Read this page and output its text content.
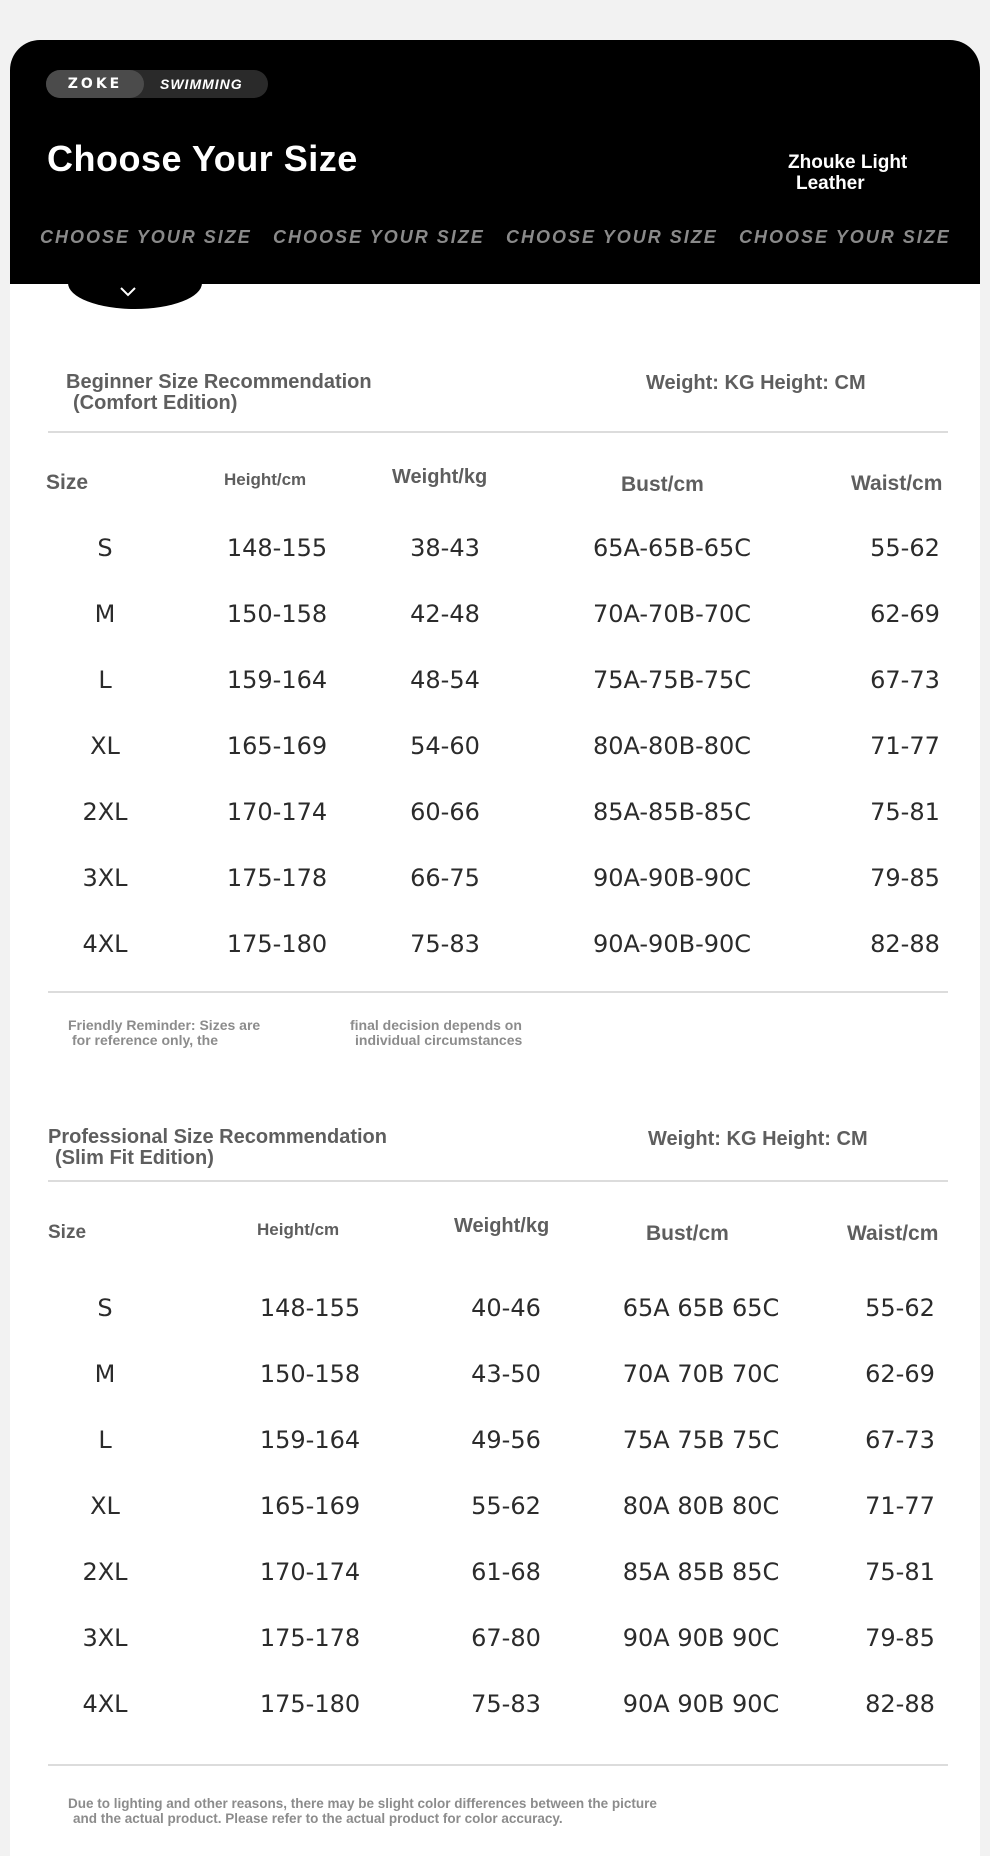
ZOKE	SWIMMING
Choose Your Size	Zhouke Light
Leather
CHOOSE YOUR SIZE CHOOSE YOUR SIZE CHOOSE YOUR SIZE CHOOSE YOUR SIZE
Beginner Size Recommendation
(Comfort Edition)
Weight: KG Height: CM
Size	Height/cm	Weight/kg	Bust/cm	Waist/cm
S	148-155	38-43	65A-65B-65C	55-62
M	150-158	42-48	70A-70B-70C	62-69
L	159-164	48-54	75A-75B-75C	67-73
XL	165-169	54-60	80A-80B-80C	71-77
2XL	170-174	60-66	85A-85B-85C	75-81
3XL	175-178	66-75	90A-90B-90C	79-85
4XL	175-180	75-83	90A-90B-90C	82-88
Friendly Reminder: Sizes are
for reference only, the
final decision depends on
individual circumstances
Professional Size Recommendation
(Slim Fit Edition)
Weight: KG Height: CM
Size	Height/cm	Weight/kg	Bust/cm	Waist/cm
S	148-155	40-46	65A 65B 65C	55-62
M	150-158	43-50	70A 70B 70C	62-69
L	159-164	49-56	75A 75B 75C	67-73
XL	165-169	55-62	80A 80B 80C	71-77
2XL	170-174	61-68	85A 85B 85C	75-81
3XL	175-178	67-80	90A 90B 90C	79-85
4XL	175-180	75-83	90A 90B 90C	82-88
Due to lighting and other reasons, there may be slight color differences between the picture
and the actual product. Please refer to the actual product for color accuracy.
